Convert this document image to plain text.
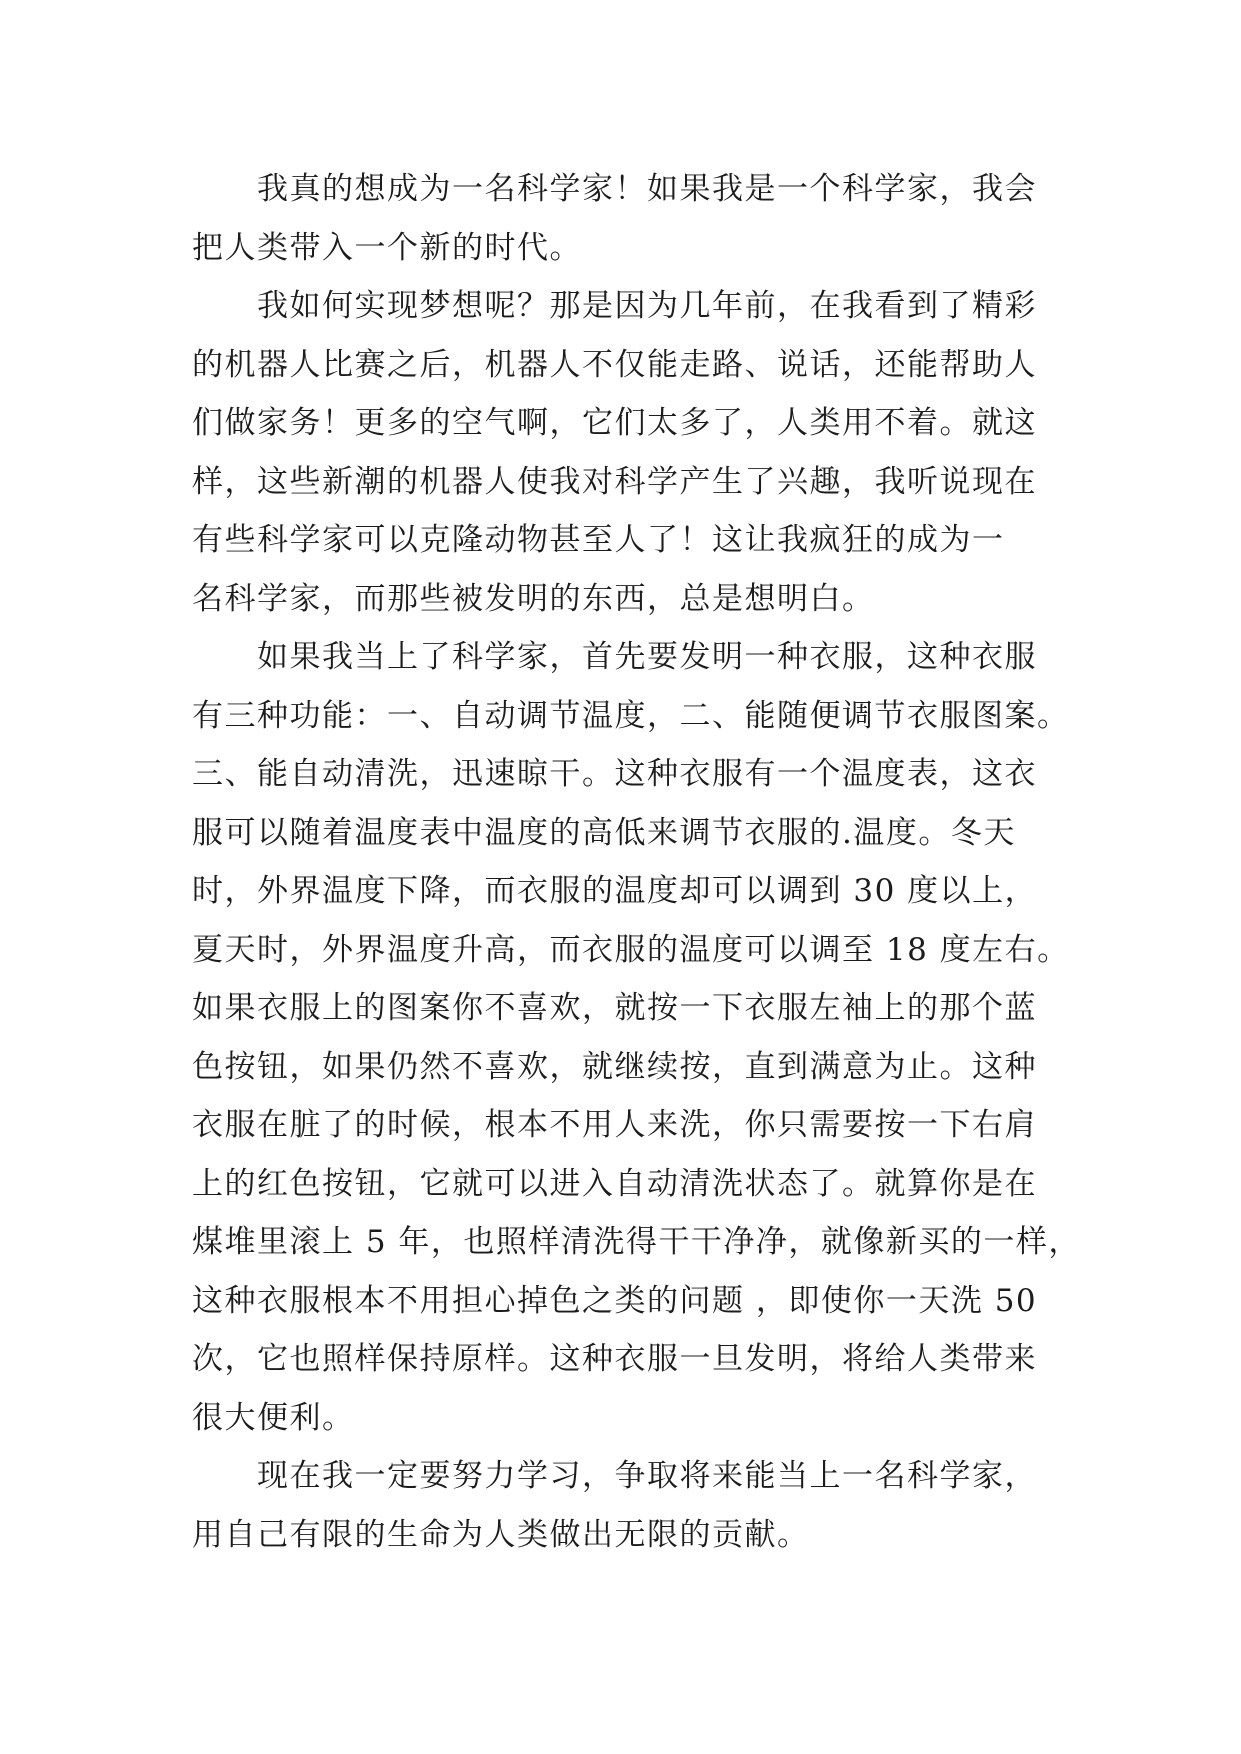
我真的想成为一名科学家！如果我是一个科学家，我会
把人类带入一个新的时代。
我如何实现梦想呢？那是因为几年前，在我看到了精彩
的机器人比赛之后，机器人不仅能走路、说话，还能帮助人
们做家务！更多的空气啊，它们太多了，人类用不着。就这
样，这些新潮的机器人使我对科学产生了兴趣，我听说现在
有些科学家可以克隆动物甚至人了！这让我疯狂的成为一
名科学家，而那些被发明的东西，总是想明白。
如果我当上了科学家，首先要发明一种衣服，这种衣服
有三种功能：一、自动调节温度，二、能随便调节衣服图案。
三、能自动清洗，迅速晾干。这种衣服有一个温度表，这衣
服可以随着温度表中温度的高低来调节衣服的.温度。冬天
时，外界温度下降，而衣服的温度却可以调到 30 度以上，
夏天时，外界温度升高，而衣服的温度可以调至 18 度左右。
如果衣服上的图案你不喜欢，就按一下衣服左袖上的那个蓝
色按钮，如果仍然不喜欢，就继续按，直到满意为止。这种
衣服在脏了的时候，根本不用人来洗，你只需要按一下右肩
上的红色按钮，它就可以进入自动清洗状态了。就算你是在
煤堆里滚上 5 年，也照样清洗得干干净净，就像新买的一样，
这种衣服根本不用担心掉色之类的问题 ，即使你一天洗 50
次，它也照样保持原样。这种衣服一旦发明，将给人类带来
很大便利。
现在我一定要努力学习，争取将来能当上一名科学家，
用自己有限的生命为人类做出无限的贡献。
